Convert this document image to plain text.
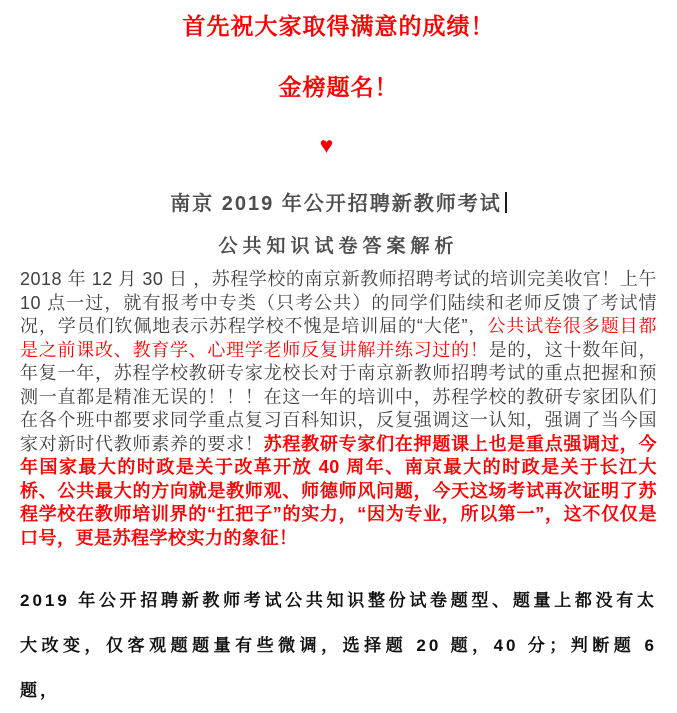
首先祝大家取得满意的成绩！
金榜题名！
♥
南京 2019 年公开招聘新教师考试
公共知识试卷答案解析

2018 年 12 月 30 日 ，苏程学校的南京新教师招聘考试的培训完美收官！上午 10 点一过，就有报考中专类（只考公共）的同学们陆续和老师反馈了考试情况，学员们钦佩地表示苏程学校不愧是培训届的“大佬”，公共试卷很多题目都是之前课改、教育学、心理学老师反复讲解并练习过的！是的，这十数年间，年复一年，苏程学校教研专家龙校长对于南京新教师招聘考试的重点把握和预测一直都是精准无误的！！！在这一年的培训中，苏程学校的教研专家团队们在各个班中都要求同学重点复习百科知识，反复强调这一认知，强调了当今国家对新时代教师素养的要求！苏程教研专家们在押题课上也是重点强调过，今年国家最大的时政是关于改革开放 40 周年、南京最大的时政是关于长江大桥、公共最大的方向就是教师观、师德师风问题，今天这场考试再次证明了苏程学校在教师培训界的“扛把子”的实力，“因为专业，所以第一”，这不仅仅是口号，更是苏程学校实力的象征！

2019 年公开招聘新教师考试公共知识整份试卷题型、题量上都没有太大改变，仅客观题题量有些微调，选择题 20 题，40 分；判断题 6 题，
